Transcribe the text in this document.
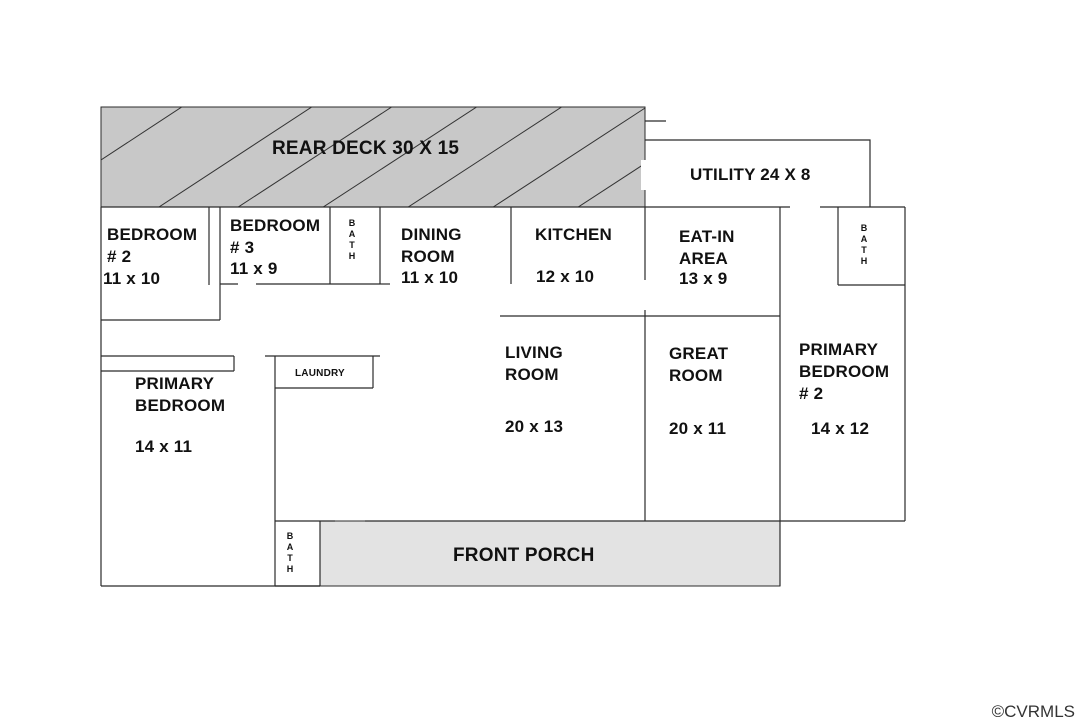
REAR DECK 30 X 15
UTILITY 24 X 8
BEDROOM
# 2
11 x 10
BEDROOM
# 3
11 x 9
B
A
T
H
DINING
ROOM
11 x 10
KITCHEN
12 x 10
EAT-IN
AREA
13 x 9
B
A
T
H
LIVING
ROOM
20 x 13
GREAT
ROOM
20 x 11
PRIMARY
BEDROOM
# 2
14 x 12
PRIMARY
BEDROOM
14 x 11
LAUNDRY
B
A
T
H
FRONT PORCH
©CVRMLS
